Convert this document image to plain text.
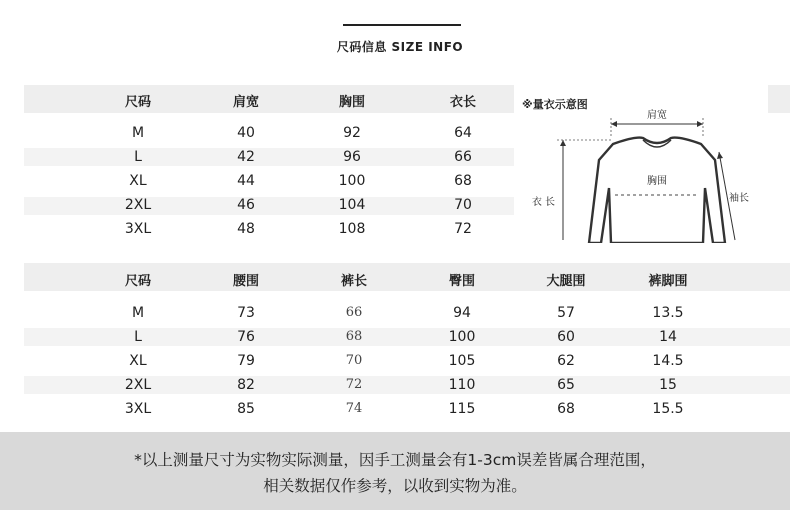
尺码信息 SIZE INFO
尺码	肩宽	胸围	衣长
M	40	92	64
L	42	96	66
XL	44	100	68
2XL	46	104	70
3XL	48	108	72
※量衣示意图
肩宽
胸围
衣 长	袖长
尺码	腰围	裤长	臀围	大腿围	裤脚围
M	73	66	94	57	13.5
L	76	68	100	60	14
XL	79	70	105	62	14.5
2XL	82	72	110	65	15
3XL	85	74	115	68	15.5
*以上测量尺寸为实物实际测量，因手工测量会有1-3cm误差皆属合理范围，
相关数据仅作参考，以收到实物为准。
